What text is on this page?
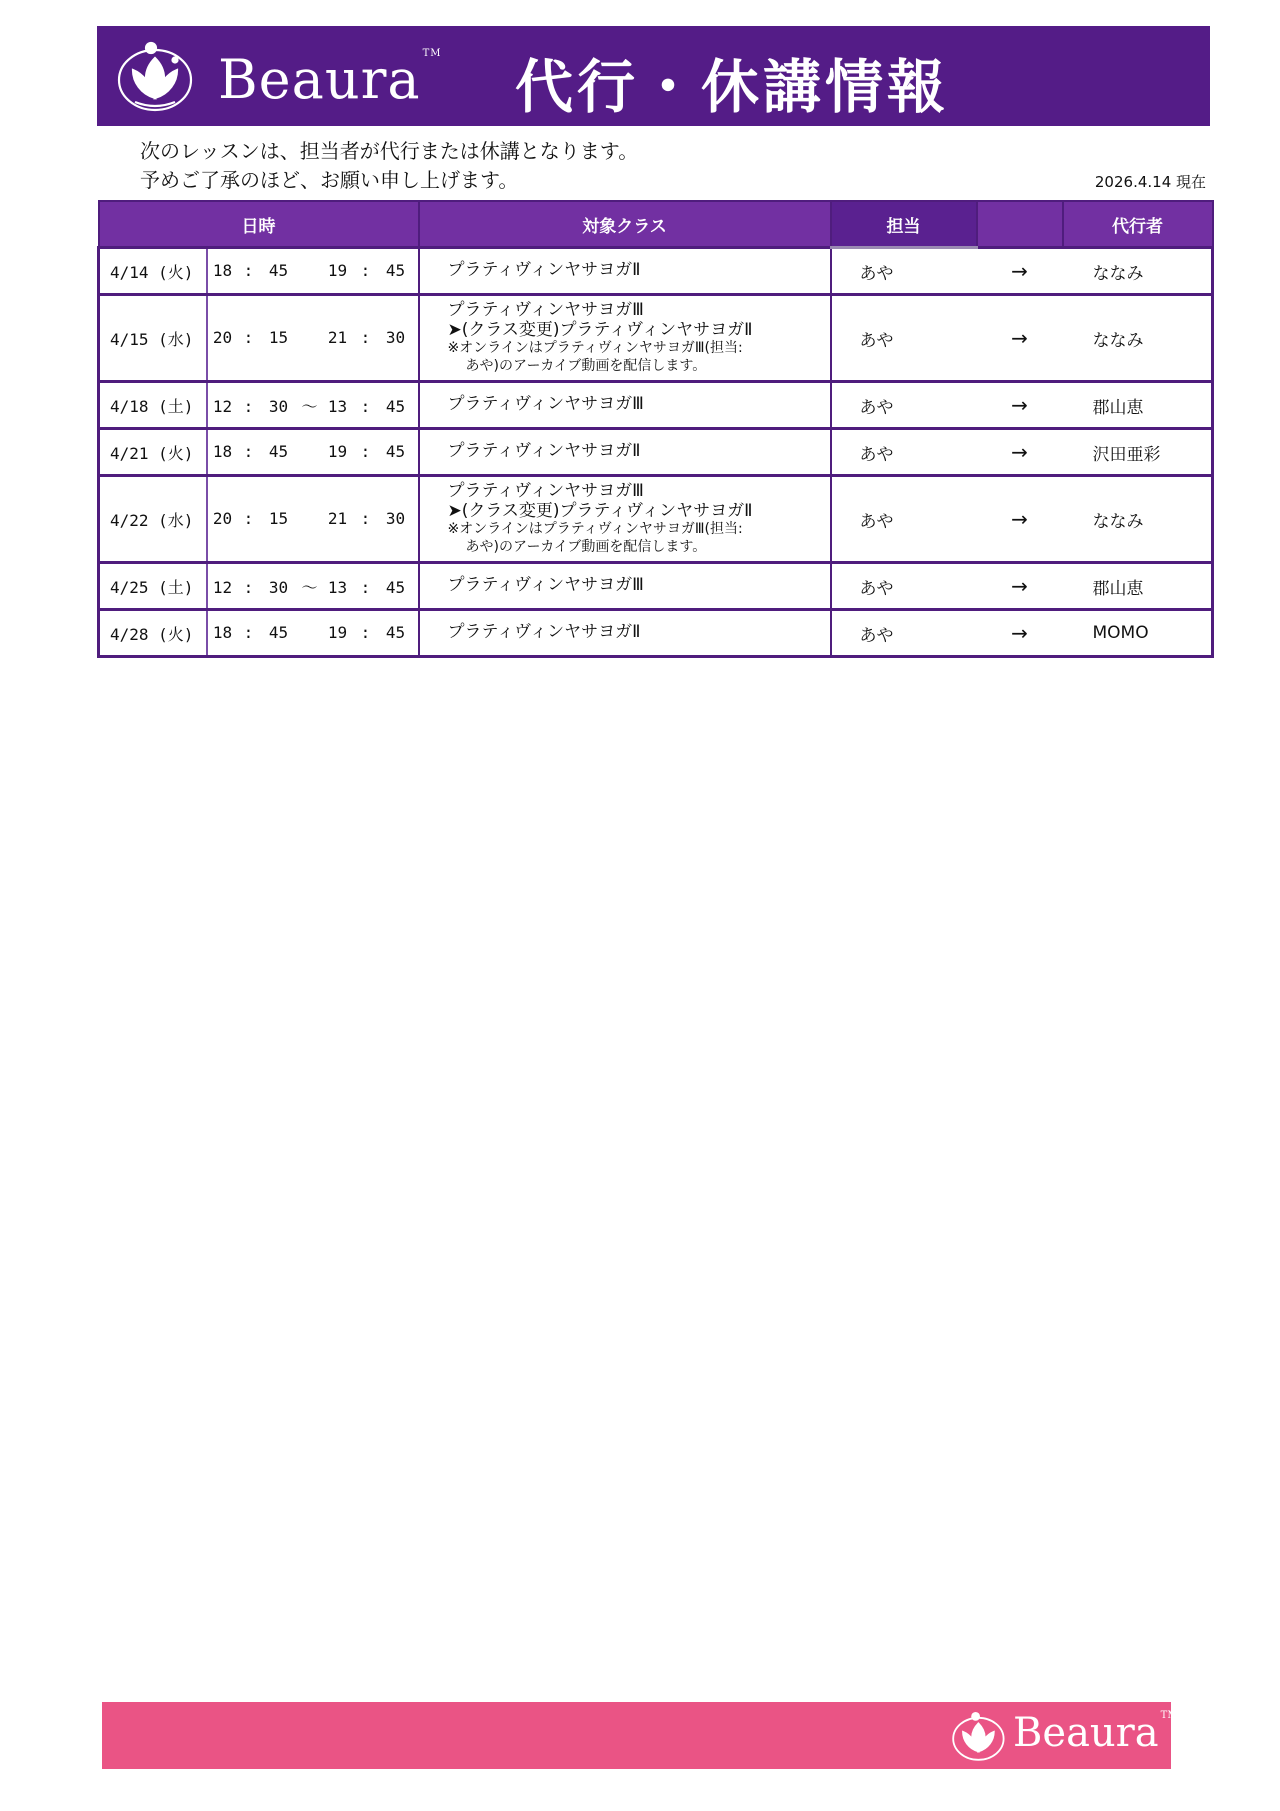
Beaura ™ 代行・休講情報
次のレッスンは、担当者が代行または休講となります。
予めご了承のほど、お願い申し上げます。	2026.4.14 現在
日時		対象クラス	担当		代行者
4/14 (火)	18 : 45 19 : 45	プラティヴィンヤサヨガⅡ	あや	→	ななみ
4/15 (水)	20 : 15 21 : 30	プラティヴィンヤサヨガⅢ
➤(クラス変更)プラティヴィンヤサヨガⅡ
※オンラインはプラティヴィンヤサヨガⅢ(担当:
あや)のアーカイブ動画を配信します。	あや	→	ななみ
4/18 (土)	12 : 30 〜 13 : 45	プラティヴィンヤサヨガⅢ	あや	→	郡山恵
4/21 (火)	18 : 45 19 : 45	プラティヴィンヤサヨガⅡ	あや	→	沢田亜彩
4/22 (水)	20 : 15 21 : 30	プラティヴィンヤサヨガⅢ
➤(クラス変更)プラティヴィンヤサヨガⅡ
※オンラインはプラティヴィンヤサヨガⅢ(担当:
あや)のアーカイブ動画を配信します。	あや	→	ななみ
4/25 (土)	12 : 30 〜 13 : 45	プラティヴィンヤサヨガⅢ	あや	→	郡山恵
4/28 (火)	18 : 45 19 : 45	プラティヴィンヤサヨガⅡ	あや	→	MOMO
Beaura ™
